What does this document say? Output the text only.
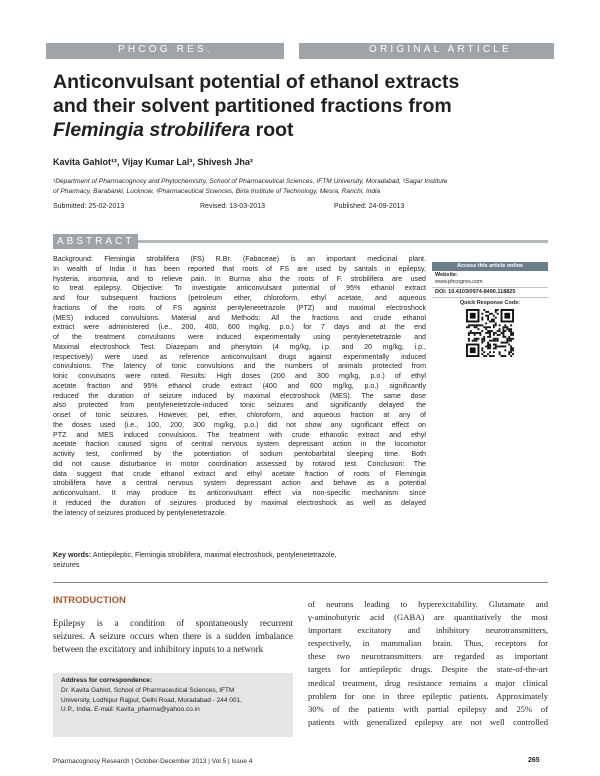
PHCOG RES.	ORIGINAL ARTICLE
Anticonvulsant potential of ethanol extracts
and their solvent partitioned fractions from
Flemingia strobilifera root
Kavita Gahlot¹², Vijay Kumar Lal³, Shivesh Jha²
¹Department of Pharmacognosy and Phytochemistry, School of Pharmaceutical Sciences, IFTM University, Moradabad, ²Sagar Institute
of Pharmacy, Barabanki, Lucknow, ³Pharmaceutical Sciences, Birla Institute of Technology, Mesra, Ranchi, India
Submitted: 25-02-2013	Revised: 13-03-2013	Published: 24-09-2013
ABSTRACT
Background: Flemingia strobilifera (FS) R.Br. (Fabaceae) is an important medicinal plant.
In wealth of India it has been reported that roots of FS are used by santals in epilepsy,
hysteria, insomnia, and to relieve pain. In Burma also the roots of F. strobilifera are used
to treat epilepsy. Objective: To investigate anticonvulsant potential of 95% ethanol extract
and four subsequent fractions (petroleum ether, chloroform, ethyl acetate, and aqueous
fractions of the roots of FS against pentylenetetrazole (PTZ) and maximal electroshock
(MES) induced convulsions. Material and Methods: All the fractions and crude ethanol
extract were administered (i.e., 200, 400, 600 mg/kg, p.o.) for 7 days and at the end
of the treatment convulsions were induced experimentally using pentylenetetrazole and
Maximal electroshock Test. Diazepam and phenytoin (4 mg/kg, i.p. and 20 mg/kg, i.p.,
respectively) were used as reference anticonvulsant drugs against experimentally induced
convulsions. The latency of tonic convulsions and the numbers of animals protected from
tonic convulsions were noted. Results: High doses (200 and 300 mg/kg, p.o.) of ethyl
acetate fraction and 95% ethanol crude extract (400 and 600 mg/kg, p.o.) significantly
reduced the duration of seizure induced by maximal electroshock (MES). The same dose
also protected from pentylenetetrzole-induced tonic seizures and significantly delayed the
onset of tonic seizures. However, pet, ether, chloroform, and aqueous fraction at any of
the doses used (i.e., 100, 200, 300 mg/kg, p.o.) did not show any significant effect on
PTZ and MES induced convulsions. The treatment with crude ethanolic extract and ethyl
acetate fraction caused signs of central nervous system depressant action in the locomotor
activity test, confirmed by the potentiation of sodium pentobarbital sleeping time. Both
did not cause disturbance in motor coordination assessed by rotarod test. Conclusion: The
data suggest that crude ethanol extract and ethyl acetate fraction of roots of Flemingia
strobilifera have a central nervous system depressant action and behave as a potential
anticonvulsant. It may produce its anticonvulsant effect via non-specific mechanism since
it reduced the duration of seizures produced by maximal electroshock as well as delayed
the latency of seizures produced by pentylenetetrazole.
Key words: Antiepileptic, Flemingia strobilifera, maximal electroshock, pentylenetetrazole,
seizures
Access this article online
Website:
www.phcogres.com
DOI: 10.4103/0974-8490.118825
Quick Response Code:
INTRODUCTION
Epilepsy is a condition of spontaneously recurrent
seizures. A seizure occurs when there is a sudden imbalance
between the excitatory and inhibitory inputs to a network
of neurons leading to hyperexcitability. Glutamate and
γ-aminobutyric acid (GABA) are quantitatively the most
important excitatory and inhibitory neurotransmitters,
respectively, in mammalian brain. Thus, receptors for
these two neurotransmitters are regarded as important
targets for antiepileptic drugs. Despite the state-of-the-art
medical treatment, drug resistance remains a major clinical
problem for one in three epileptic patients. Approximately
30% of the patients with partial epilepsy and 25% of
patients with generalized epilepsy are not well controlled
Address for correspondence:
Dr. Kavita Gahlot, School of Pharmaceutical Sciences, IFTM
University, Lodhipur Rajput, Delhi Road, Moradabad - 244 001,
U.P., India. E-mail: Kavita_pharma@yahoo.co.in
Pharmacognosy Research | October-December 2013 | Vol 5 | Issue 4	265
